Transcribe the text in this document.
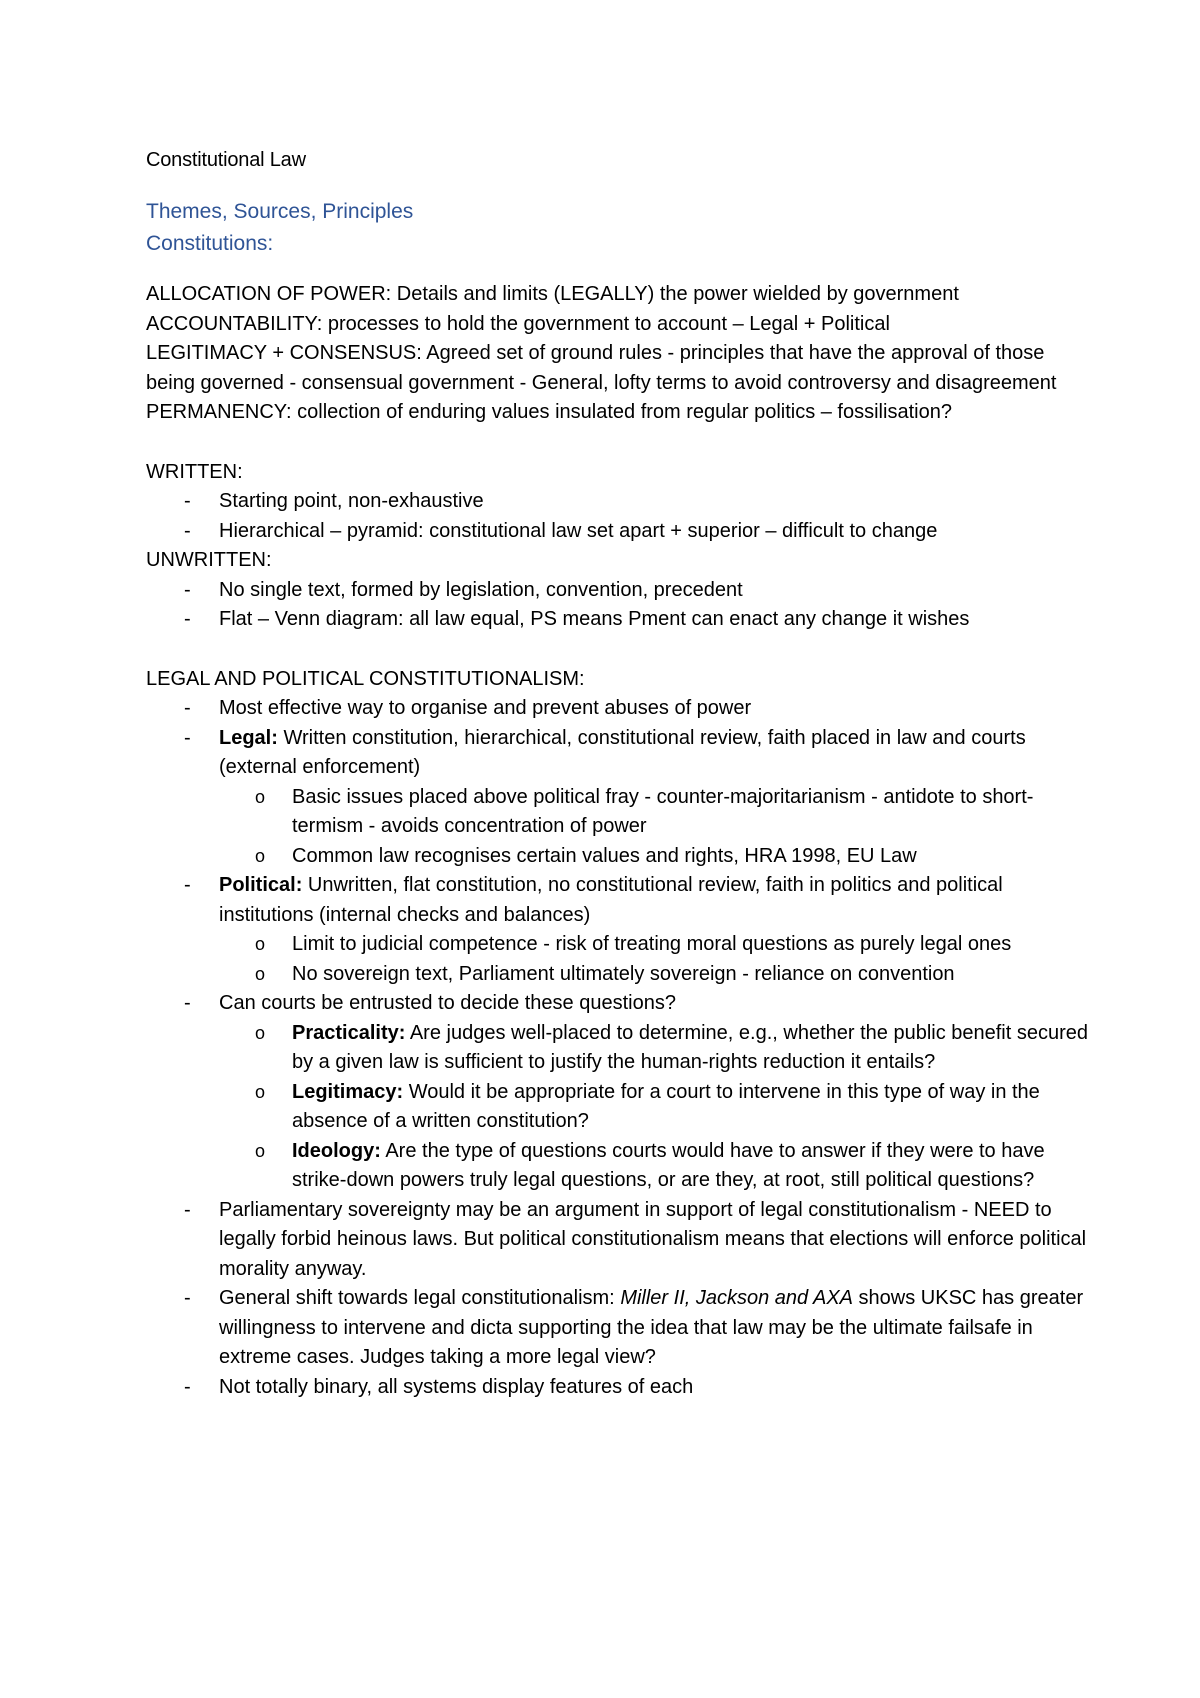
Constitutional Law
Themes, Sources, Principles
Constitutions:

ALLOCATION OF POWER: Details and limits (LEGALLY) the power wielded by government

ACCOUNTABILITY: processes to hold the government to account – Legal + Political

LEGITIMACY + CONSENSUS: Agreed set of ground rules - principles that have the approval of those being governed - consensual government - General, lofty terms to avoid controversy and disagreement

PERMANENCY: collection of enduring values insulated from regular politics – fossilisation?

WRITTEN:

- Starting point, non-exhaustive
- Hierarchical – pyramid: constitutional law set apart + superior – difficult to change

UNWRITTEN:

- No single text, formed by legislation, convention, precedent
- Flat – Venn diagram: all law equal, PS means Pment can enact any change it wishes

LEGAL AND POLITICAL CONSTITUTIONALISM:

- Most effective way to organise and prevent abuses of power
- Legal: Written constitution, hierarchical, constitutional review, faith placed in law and courts (external enforcement)
o Basic issues placed above political fray - counter-majoritarianism - antidote to short-termism - avoids concentration of power
o Common law recognises certain values and rights, HRA 1998, EU Law
- Political: Unwritten, flat constitution, no constitutional review, faith in politics and political institutions (internal checks and balances)
o Limit to judicial competence - risk of treating moral questions as purely legal ones
o No sovereign text, Parliament ultimately sovereign - reliance on convention
- Can courts be entrusted to decide these questions?
o Practicality: Are judges well-placed to determine, e.g., whether the public benefit secured by a given law is sufficient to justify the human-rights reduction it entails?
o Legitimacy: Would it be appropriate for a court to intervene in this type of way in the absence of a written constitution?
o Ideology: Are the type of questions courts would have to answer if they were to have strike-down powers truly legal questions, or are they, at root, still political questions?
- Parliamentary sovereignty may be an argument in support of legal constitutionalism - NEED to legally forbid heinous laws. But political constitutionalism means that elections will enforce political morality anyway.
- General shift towards legal constitutionalism: Miller II, Jackson and AXA shows UKSC has greater willingness to intervene and dicta supporting the idea that law may be the ultimate failsafe in extreme cases. Judges taking a more legal view?
- Not totally binary, all systems display features of each
